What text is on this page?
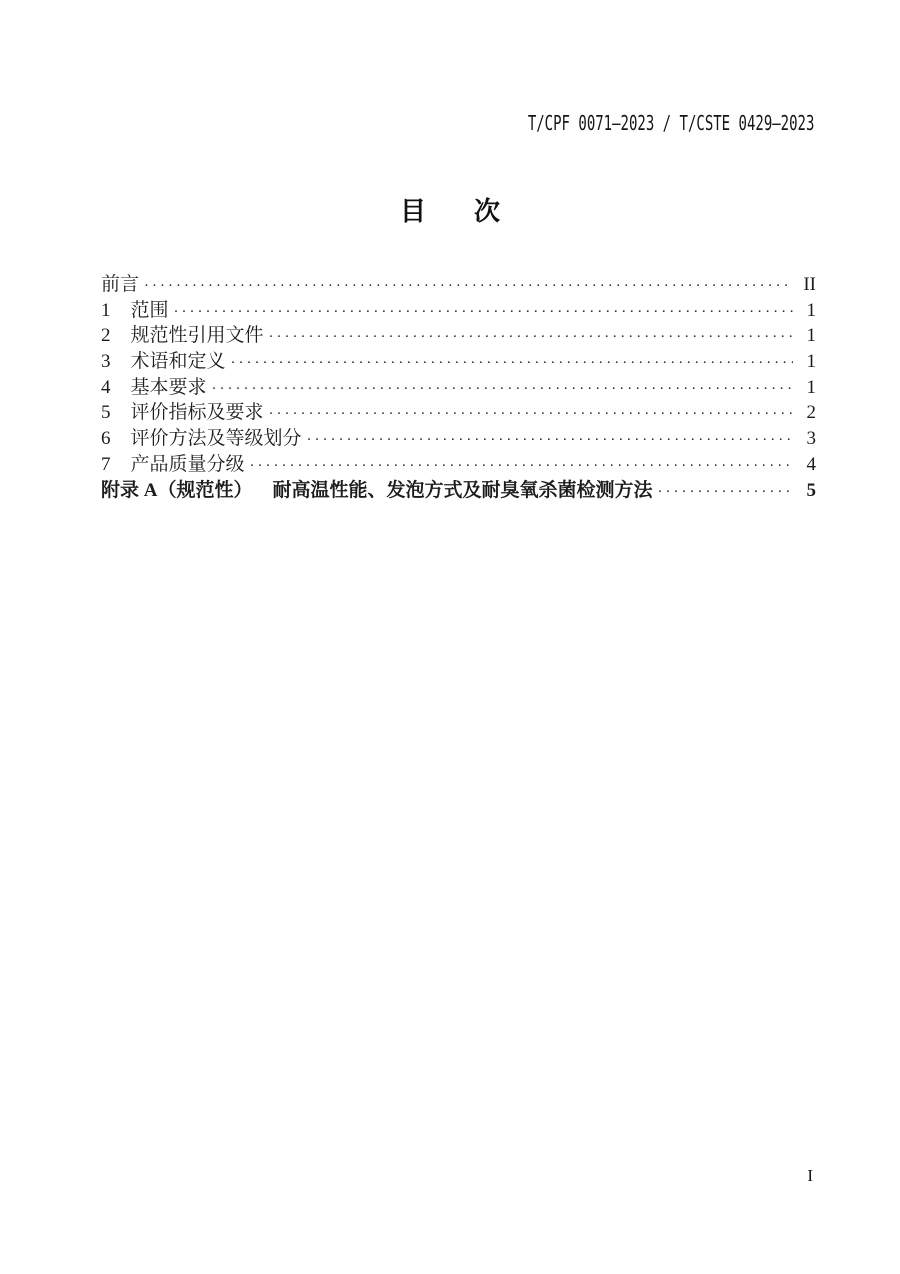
T/CPF 0071—2023 / T/CSTE 0429—2023
目　次
前言 ·····	II
1 范围 ·····	1
2 规范性引用文件 ·····	1
3 术语和定义 ·····	1
4 基本要求 ·····	1
5 评价指标及要求 ·····	2
6 评价方法及等级划分 ·····	3
7 产品质量分级 ·····	4
附录 A（规范性） 耐高温性能、发泡方式及耐臭氧杀菌检测方法 ·····	5
I
